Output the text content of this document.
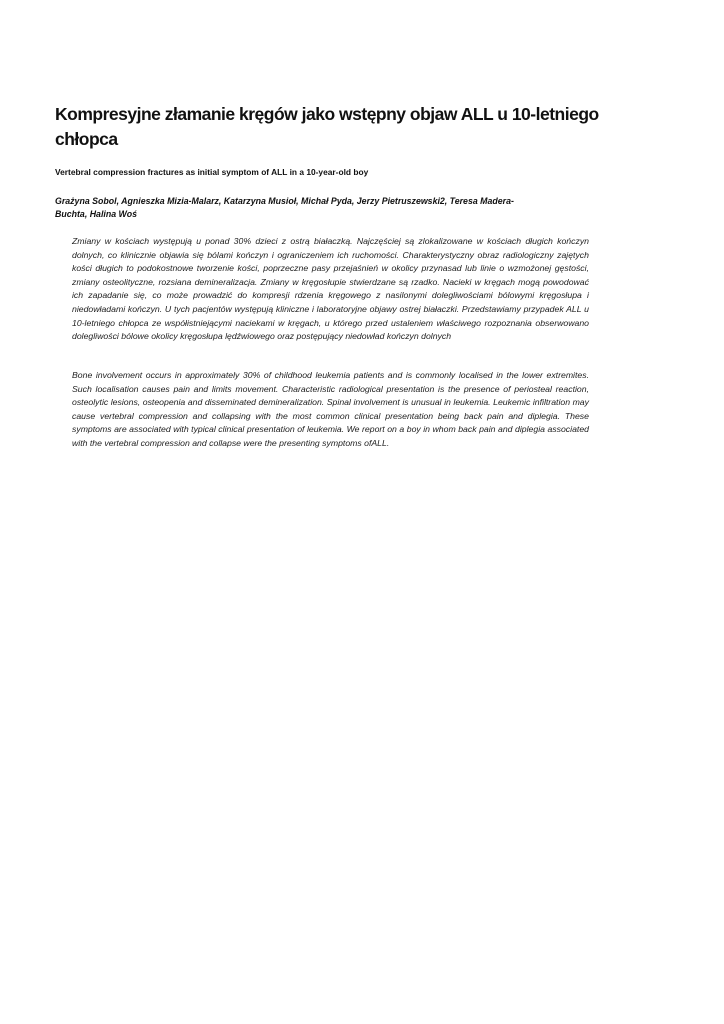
Kompresyjne złamanie kręgów jako wstępny objaw ALL u 10-letniego chłopca

Vertebral compression fractures as initial symptom of ALL in a 10-year-old boy

Grażyna Sobol, Agnieszka Mizia-Malarz, Katarzyna Musioł, Michał Pyda, Jerzy Pietruszewski2, Teresa Madera-Buchta, Halina Woś

Zmiany w kościach występują u ponad 30% dzieci z ostrą białaczką. Najczęściej są zlokalizowane w kościach długich kończyn dolnych, co klinicznie objawia się bólami kończyn i ograniczeniem ich ruchomości. Charakterystyczny obraz radiologiczny zajętych kości długich to podokostnowe tworzenie kości, poprzeczne pasy przejaśnień w okolicy przynasad lub linie o wzmożonej gęstości, zmiany osteolityczne, rozsiana demineralizacja. Zmiany w kręgosłupie stwierdzane są rzadko. Nacieki w kręgach mogą powodować ich zapadanie się, co może prowadzić do kompresji rdzenia kręgowego z nasilonymi dolegliwościami bólowymi kręgosłupa i niedowładami kończyn. U tych pacjentów występują kliniczne i laboratoryjne objawy ostrej białaczki. Przedstawiamy przypadek ALL u 10-letniego chłopca ze współistniejącymi naciekami w kręgach, u którego przed ustaleniem właściwego rozpoznania obserwowano dolegliwości bólowe okolicy kręgosłupa lędźwiowego oraz postępujący niedowład kończyn dolnych

Bone involvement occurs in approximately 30% of childhood leukemia patients and is commonly localised in the lower extremites. Such localisation causes pain and limits movement. Characteristic radiological presentation is the presence of periosteal reaction, osteolytic lesions, osteopenia and disseminated demineralization. Spinal involvement is unusual in leukemia. Leukemic infiltration may cause vertebral compression and collapsing with the most common clinical presentation being back pain and diplegia. These symptoms are associated with typical clinical presentation of leukemia. We report on a boy in whom back pain and diplegia associated with the vertebral compression and collapse were the presenting symptoms ofALL.
